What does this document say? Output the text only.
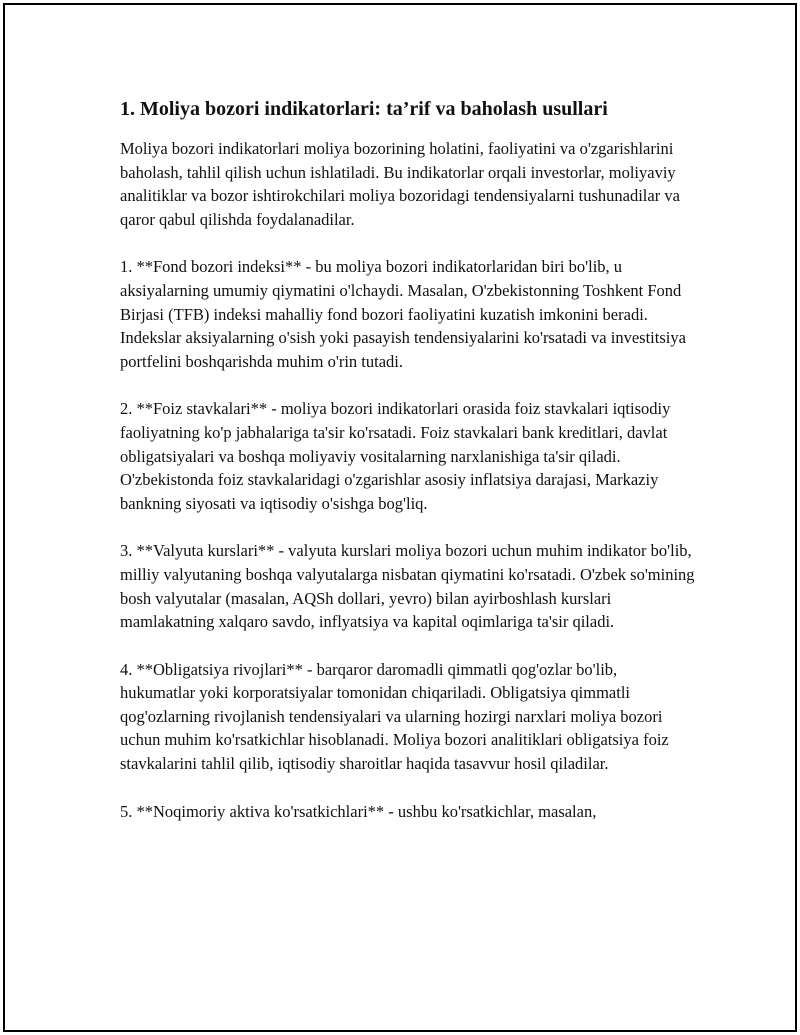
1. Moliya bozori indikatorlari: ta’rif va baholash usullari

Moliya bozori indikatorlari moliya bozorining holatini, faoliyatini va o'zgarishlarini baholash, tahlil qilish uchun ishlatiladi. Bu indikatorlar orqali investorlar, moliyaviy analitiklar va bozor ishtirokchilari moliya bozoridagi tendensiyalarni tushunadilar va qaror qabul qilishda foydalanadilar.

1. **Fond bozori indeksi** - bu moliya bozori indikatorlaridan biri bo'lib, u aksiyalarning umumiy qiymatini o'lchaydi. Masalan, O'zbekistonning Toshkent Fond Birjasi (TFB) indeksi mahalliy fond bozori faoliyatini kuzatish imkonini beradi. Indekslar aksiyalarning o'sish yoki pasayish tendensiyalarini ko'rsatadi va investitsiya portfelini boshqarishda muhim o'rin tutadi.

2. **Foiz stavkalari** - moliya bozori indikatorlari orasida foiz stavkalari iqtisodiy faoliyatning ko'p jabhalariga ta'sir ko'rsatadi. Foiz stavkalari bank kreditlari, davlat obligatsiyalari va boshqa moliyaviy vositalarning narxlanishiga ta'sir qiladi. O'zbekistonda foiz stavkalaridagi o'zgarishlar asosiy inflatsiya darajasi, Markaziy bankning siyosati va iqtisodiy o'sishga bog'liq.

3. **Valyuta kurslari** - valyuta kurslari moliya bozori uchun muhim indikator bo'lib, milliy valyutaning boshqa valyutalarga nisbatan qiymatini ko'rsatadi. O'zbek so'mining bosh valyutalar (masalan, AQSh dollari, yevro) bilan ayirboshlash kurslari mamlakatning xalqaro savdo, inflyatsiya va kapital oqimlariga ta'sir qiladi.

4. **Obligatsiya rivojlari** - barqaror daromadli qimmatli qog'ozlar bo'lib, hukumatlar yoki korporatsiyalar tomonidan chiqariladi. Obligatsiya qimmatli qog'ozlarning rivojlanish tendensiyalari va ularning hozirgi narxlari moliya bozori uchun muhim ko'rsatkichlar hisoblanadi. Moliya bozori analitiklari obligatsiya foiz stavkalarini tahlil qilib, iqtisodiy sharoitlar haqida tasavvur hosil qiladilar.

5. **Noqimoriy aktiva ko'rsatkichlari** - ushbu ko'rsatkichlar, masalan,
